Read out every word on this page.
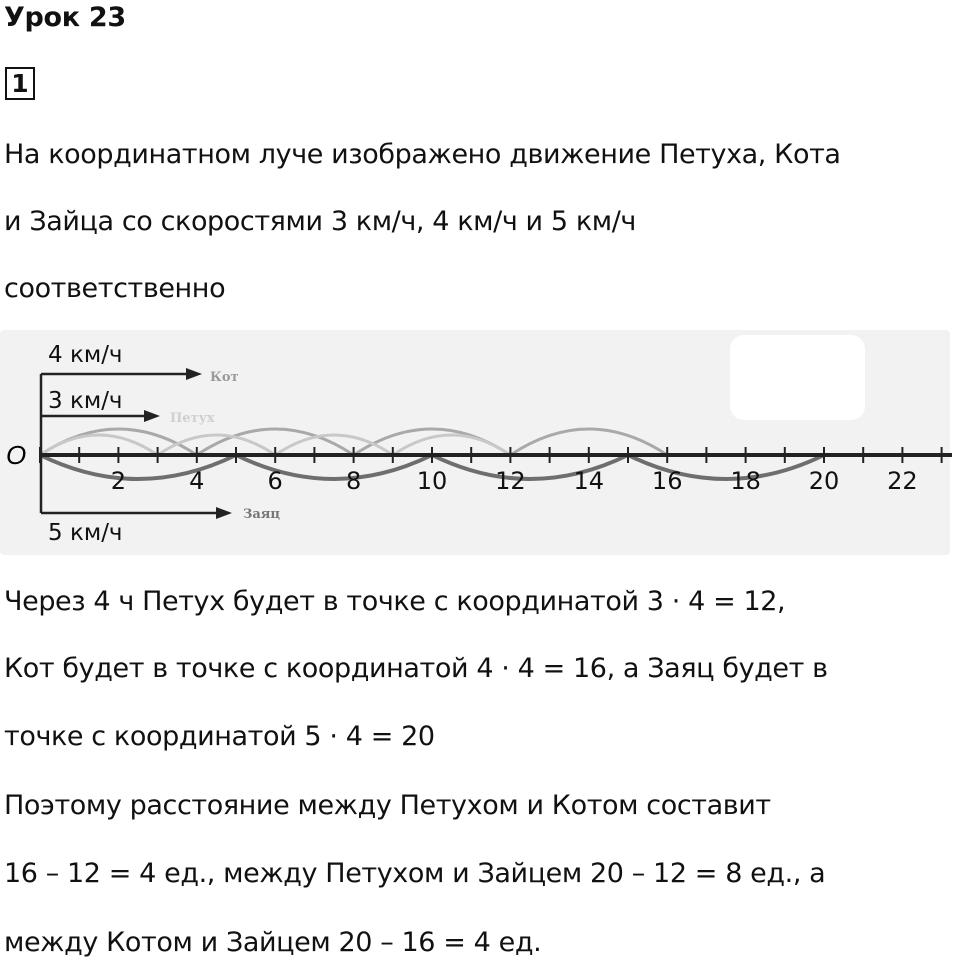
Урок 23
1
На координатном луче изображено движение Петуха, Кота
и Зайца со скоростями 3 км/ч, 4 км/ч и 5 км/ч
соответственно
O
2	4	6	8 10 12 14 16 18 20 22
4 км/ч
Кот
3 км/ч
Петух
5 км/ч
Заяц
Через 4 ч Петух будет в точке с координатой 3 · 4 = 12,
Кот будет в точке с координатой 4 · 4 = 16, а Заяц будет в
точке с координатой 5 · 4 = 20
Поэтому расстояние между Петухом и Котом составит
16 – 12 = 4 ед., между Петухом и Зайцем 20 – 12 = 8 ед., а
между Котом и Зайцем 20 – 16 = 4 ед.
